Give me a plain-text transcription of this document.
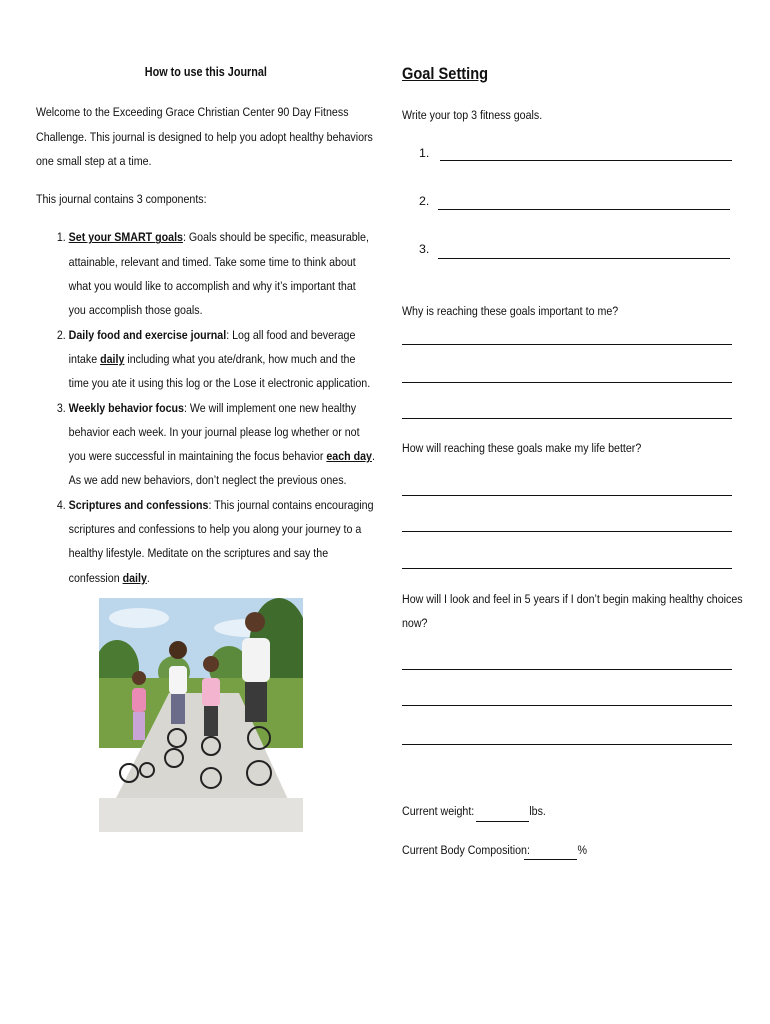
How to use this Journal

Welcome to the Exceeding Grace Christian Center 90 Day Fitness Challenge. This journal is designed to help you adopt healthy behaviors one small step at a time.

This journal contains 3 components:

1. Set your SMART goals: Goals should be specific, measurable, attainable, relevant and timed. Take some time to think about what you would like to accomplish and why it’s important that you accomplish those goals.
2. Daily food and exercise journal: Log all food and beverage intake daily including what you ate/drank, how much and the time you ate it using this log or the Lose it electronic application.
3. Weekly behavior focus: We will implement one new healthy behavior each week. In your journal please log whether or not you were successful in maintaining the focus behavior each day. As we add new behaviors, don’t neglect the previous ones.
4. Scriptures and confessions: This journal contains encouraging scriptures and confessions to help you along your journey to a healthy lifestyle. Meditate on the scriptures and say the confession daily.
Goal Setting
Write your top 3 fitness goals.
1.
2.
3.
Why is reaching these goals important to me?
How will reaching these goals make my life better?
How will I look and feel in 5 years if I don’t begin making healthy choices
now?
Current weight:	lbs.
Current Body Composition:	%
